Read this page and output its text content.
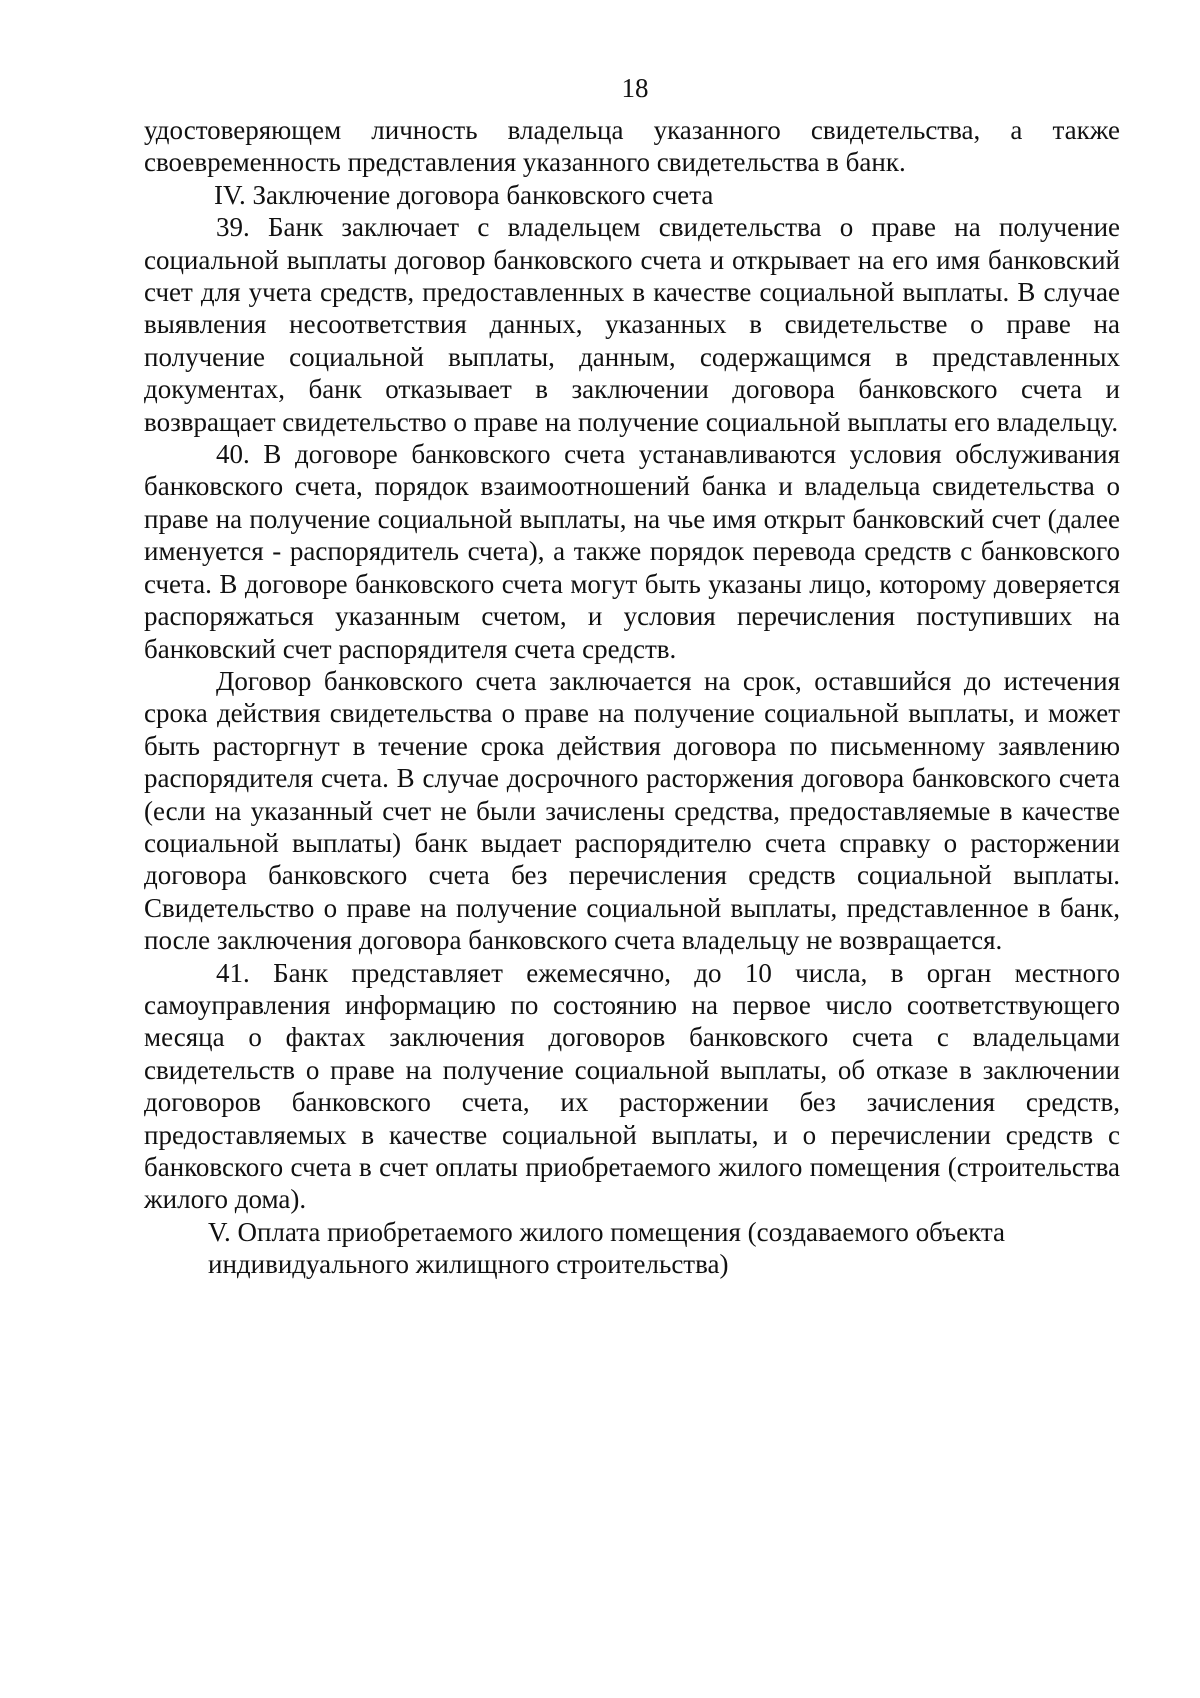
18

удостоверяющем личность владельца указанного свидетельства, а также своевременность представления указанного свидетельства в банк.

IV. Заключение договора банковского счета

39. Банк заключает с владельцем свидетельства о праве на получение социальной выплаты договор банковского счета и открывает на его имя банковский счет для учета средств, предоставленных в качестве социальной выплаты. В случае выявления несоответствия данных, указанных в свидетельстве о праве на получение социальной выплаты, данным, содержащимся в представленных документах, банк отказывает в заключении договора банковского счета и возвращает свидетельство о праве на получение социальной выплаты его владельцу.

40. В договоре банковского счета устанавливаются условия обслуживания банковского счета, порядок взаимоотношений банка и владельца свидетельства о праве на получение социальной выплаты, на чье имя открыт банковский счет (далее именуется - распорядитель счета), а также порядок перевода средств с банковского счета. В договоре банковского счета могут быть указаны лицо, которому доверяется распоряжаться указанным счетом, и условия перечисления поступивших на банковский счет распорядителя счета средств.

Договор банковского счета заключается на срок, оставшийся до истечения срока действия свидетельства о праве на получение социальной выплаты, и может быть расторгнут в течение срока действия договора по письменному заявлению распорядителя счета. В случае досрочного расторжения договора банковского счета (если на указанный счет не были зачислены средства, предоставляемые в качестве социальной выплаты) банк выдает распорядителю счета справку о расторжении договора банковского счета без перечисления средств социальной выплаты. Свидетельство о праве на получение социальной выплаты, представленное в банк, после заключения договора банковского счета владельцу не возвращается.

41. Банк представляет ежемесячно, до 10 числа, в орган местного самоуправления информацию по состоянию на первое число соответствующего месяца о фактах заключения договоров банковского счета с владельцами свидетельств о праве на получение социальной выплаты, об отказе в заключении договоров банковского счета, их расторжении без зачисления средств, предоставляемых в качестве социальной выплаты, и о перечислении средств с банковского счета в счет оплаты приобретаемого жилого помещения (строительства жилого дома).

V. Оплата приобретаемого жилого помещения (создаваемого объекта
индивидуального жилищного строительства)
